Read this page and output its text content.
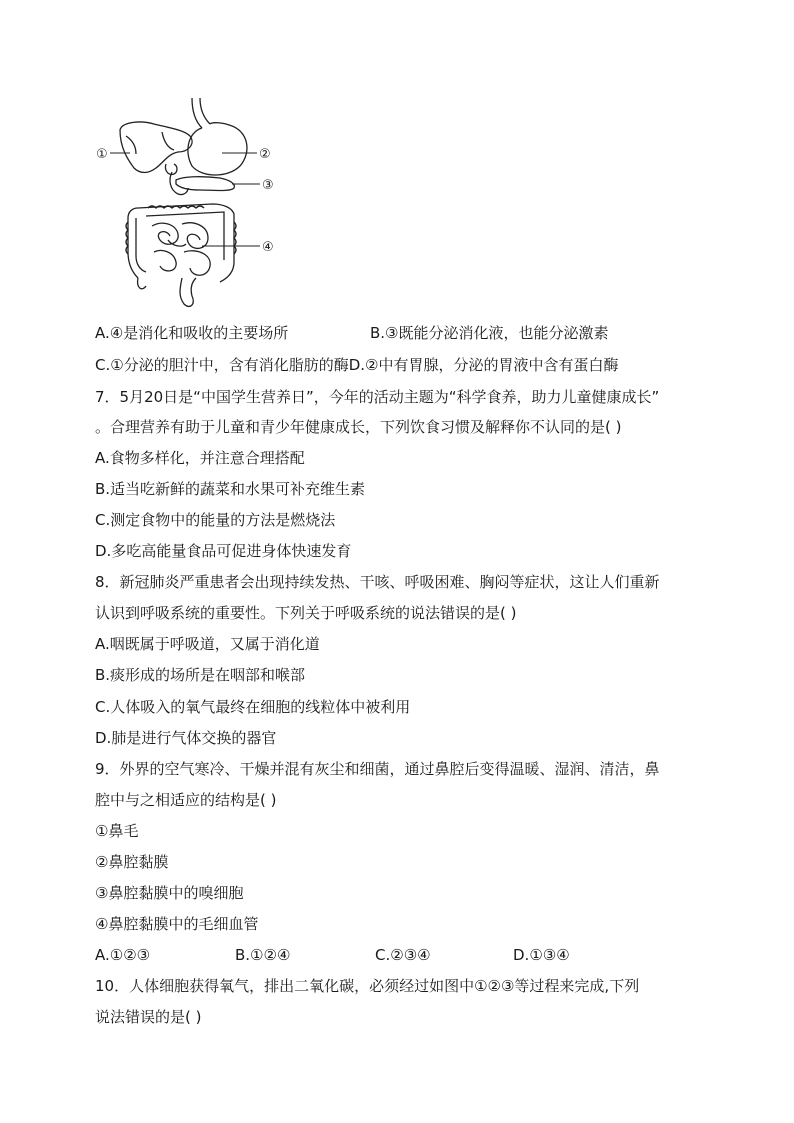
①	②
③
④
A.④是消化和吸收的主要场所	B.③既能分泌消化液，也能分泌激素
C.①分泌的胆汁中，含有消化脂肪的酶D.②中有胃腺，分泌的胃液中含有蛋白酶
7．5月20日是“中国学生营养日”，今年的活动主题为“科学食养，助力儿童健康成长”
。合理营养有助于儿童和青少年健康成长，下列饮食习惯及解释你不认同的是( )
A.食物多样化，并注意合理搭配
B.适当吃新鲜的蔬菜和水果可补充维生素
C.测定食物中的能量的方法是燃烧法
D.多吃高能量食品可促进身体快速发育
8．新冠肺炎严重患者会出现持续发热、干咳、呼吸困难、胸闷等症状，这让人们重新
认识到呼吸系统的重要性。下列关于呼吸系统的说法错误的是( )
A.咽既属于呼吸道，又属于消化道
B.痰形成的场所是在咽部和喉部
C.人体吸入的氧气最终在细胞的线粒体中被利用
D.肺是进行气体交换的器官
9．外界的空气寒冷、干燥并混有灰尘和细菌，通过鼻腔后变得温暖、湿润、清洁，鼻
腔中与之相适应的结构是( )
①鼻毛
②鼻腔黏膜
③鼻腔黏膜中的嗅细胞
④鼻腔黏膜中的毛细血管
A.①②③	B.①②④	C.②③④	D.①③④
10．人体细胞获得氧气，排出二氧化碳，必须经过如图中①②③等过程来完成,下列
说法错误的是( )
